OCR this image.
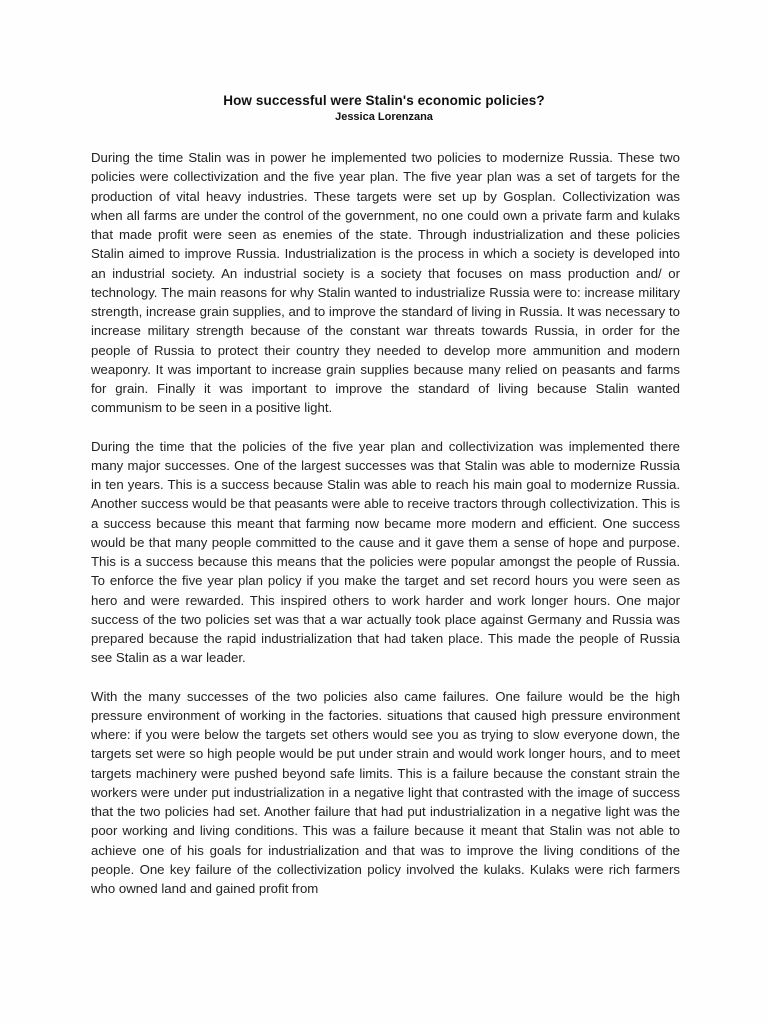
How successful were Stalin's economic policies?

Jessica Lorenzana

During the time Stalin was in power he implemented two policies to modernize Russia. These two policies were collectivization and the five year plan. The five year plan was a set of targets for the production of vital heavy industries. These targets were set up by Gosplan. Collectivization was when all farms are under the control of the government, no one could own a private farm and kulaks that made profit were seen as enemies of the state. Through industrialization and these policies Stalin aimed to improve Russia. Industrialization is the process in which a society is developed into an industrial society. An industrial society is a society that focuses on mass production and/ or technology. The main reasons for why Stalin wanted to industrialize Russia were to: increase military strength, increase grain supplies, and to improve the standard of living in Russia. It was necessary to increase military strength because of the constant war threats towards Russia, in order for the people of Russia to protect their country they needed to develop more ammunition and modern weaponry. It was important to increase grain supplies because many relied on peasants and farms for grain. Finally it was important to improve the standard of living because Stalin wanted communism to be seen in a positive light.

During the time that the policies of the five year plan and collectivization was implemented there many major successes. One of the largest successes was that Stalin was able to modernize Russia in ten years. This is a success because Stalin was able to reach his main goal to modernize Russia. Another success would be that peasants were able to receive tractors through collectivization. This is a success because this meant that farming now became more modern and efficient. One success would be that many people committed to the cause and it gave them a sense of hope and purpose. This is a success because this means that the policies were popular amongst the people of Russia. To enforce the five year plan policy if you make the target and set record hours you were seen as hero and were rewarded. This inspired others to work harder and work longer hours. One major success of the two policies set was that a war actually took place against Germany and Russia was prepared because the rapid industrialization that had taken place. This made the people of Russia see Stalin as a war leader.

With the many successes of the two policies also came failures. One failure would be the high pressure environment of working in the factories. situations that caused high pressure environment where: if you were below the targets set others would see you as trying to slow everyone down, the targets set were so high people would be put under strain and would work longer hours, and to meet targets machinery were pushed beyond safe limits. This is a failure because the constant strain the workers were under put industrialization in a negative light that contrasted with the image of success that the two policies had set. Another failure that had put industrialization in a negative light was the poor working and living conditions. This was a failure because it meant that Stalin was not able to achieve one of his goals for industrialization and that was to improve the living conditions of the people. One key failure of the collectivization policy involved the kulaks. Kulaks were rich farmers who owned land and gained profit from
